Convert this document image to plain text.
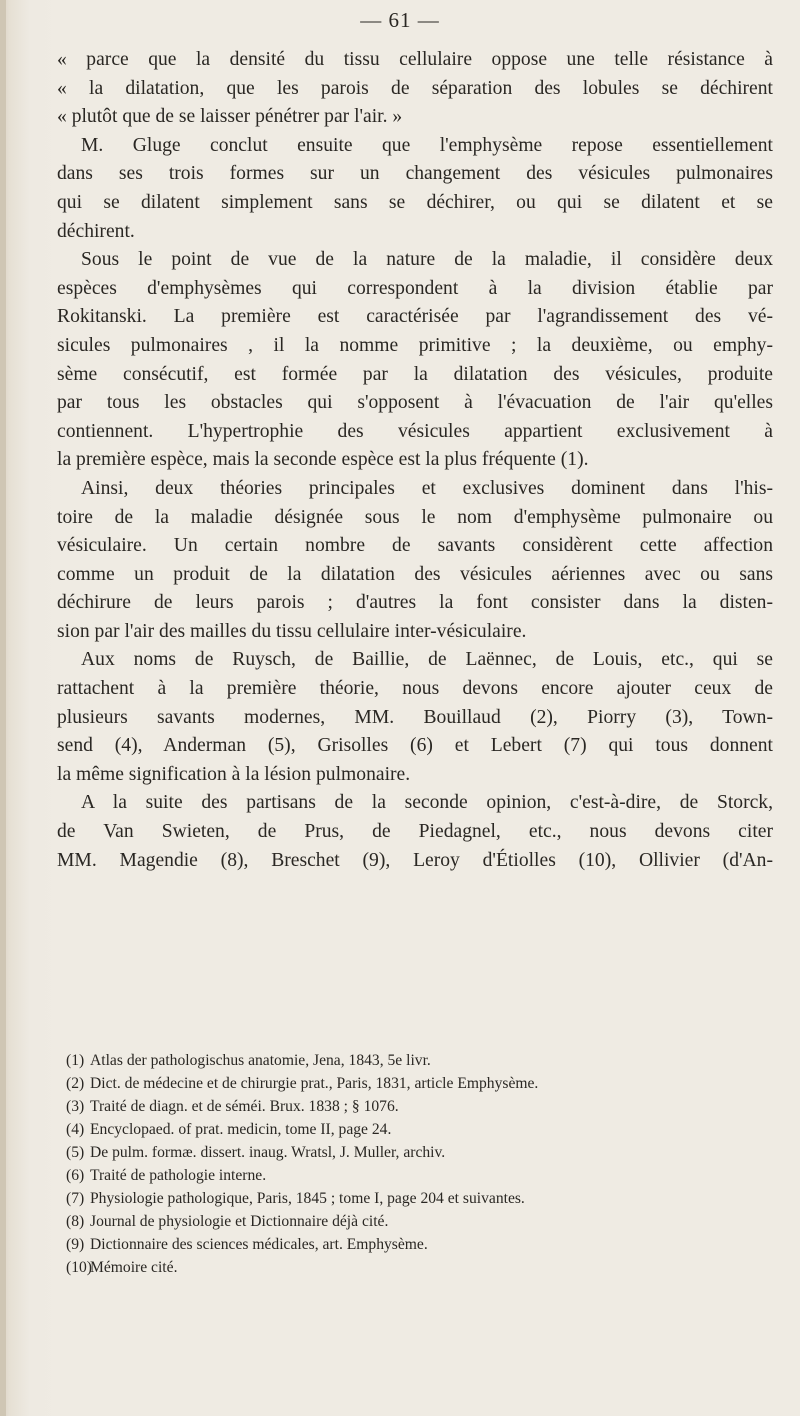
— 61 —
« parce que la densité du tissu cellulaire oppose une telle résistance à
« la dilatation, que les parois de séparation des lobules se déchirent
« plutôt que de se laisser pénétrer par l'air. »
M. Gluge conclut ensuite que l'emphysème repose essentiellement
dans ses trois formes sur un changement des vésicules pulmonaires
qui se dilatent simplement sans se déchirer, ou qui se dilatent et se
déchirent.
Sous le point de vue de la nature de la maladie, il considère deux
espèces d'emphysèmes qui correspondent à la division établie par
Rokitanski. La première est caractérisée par l'agrandissement des vé-
sicules pulmonaires , il la nomme primitive ; la deuxième, ou emphy-
sème consécutif, est formée par la dilatation des vésicules, produite
par tous les obstacles qui s'opposent à l'évacuation de l'air qu'elles
contiennent. L'hypertrophie des vésicules appartient exclusivement à
la première espèce, mais la seconde espèce est la plus fréquente (1).
Ainsi, deux théories principales et exclusives dominent dans l'his-
toire de la maladie désignée sous le nom d'emphysème pulmonaire ou
vésiculaire. Un certain nombre de savants considèrent cette affection
comme un produit de la dilatation des vésicules aériennes avec ou sans
déchirure de leurs parois ; d'autres la font consister dans la disten-
sion par l'air des mailles du tissu cellulaire inter-vésiculaire.
Aux noms de Ruysch, de Baillie, de Laënnec, de Louis, etc., qui se
rattachent à la première théorie, nous devons encore ajouter ceux de
plusieurs savants modernes, MM. Bouillaud (2), Piorry (3), Town-
send (4), Anderman (5), Grisolles (6) et Lebert (7) qui tous donnent
la même signification à la lésion pulmonaire.
A la suite des partisans de la seconde opinion, c'est-à-dire, de Storck,
de Van Swieten, de Prus, de Piedagnel, etc., nous devons citer
MM. Magendie (8), Breschet (9), Leroy d'Étiolles (10), Ollivier (d'An-
(1) Atlas der pathologischus anatomie, Jena, 1843, 5e livr.
(2) Dict. de médecine et de chirurgie prat., Paris, 1831, article Emphysème.
(3) Traité de diagn. et de séméi. Brux. 1838 ; § 1076.
(4) Encyclopaed. of prat. medicin, tome II, page 24.
(5) De pulm. formæ. dissert. inaug. Wratsl, J. Muller, archiv.
(6) Traité de pathologie interne.
(7) Physiologie pathologique, Paris, 1845 ; tome I, page 204 et suivantes.
(8) Journal de physiologie et Dictionnaire déjà cité.
(9) Dictionnaire des sciences médicales, art. Emphysème.
(10)Mémoire cité.
